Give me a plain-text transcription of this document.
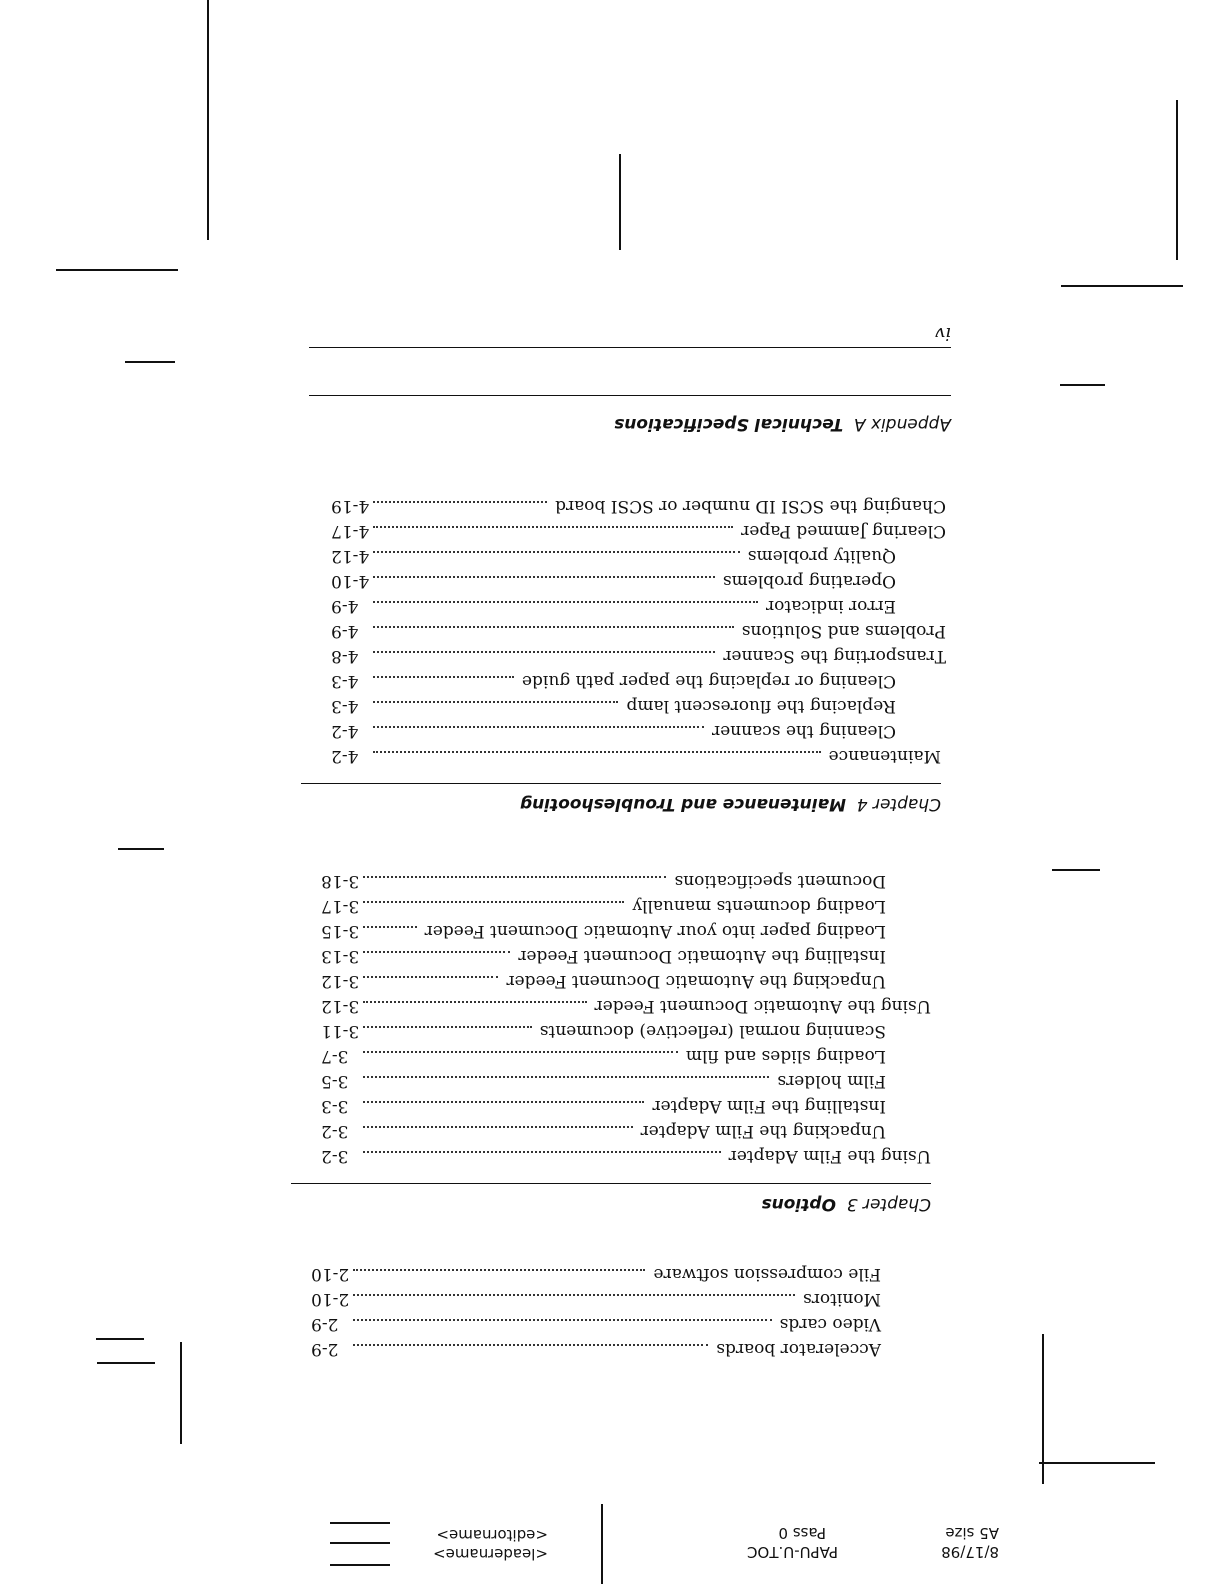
8/17/98
A5 size
PAPU-U.TOC
Pass 0
<leadername>
<editorname>
Accelerator boards
2-9
Video cards
2-9
Monitors
2-10
File compression software
2-10
Chapter 3  Options
Using the Film Adapter
3-2
Unpacking the Film Adapter
3-2
Installing the Film Adapter
3-3
Film holders
3-5
Loading slides and film
3-7
Scanning normal (reflective) documents
3-11
Using the Automatic Document Feeder
3-12
Unpacking the Automatic Document Feeder
3-12
Installing the Automatic Document Feeder
3-13
Loading paper into your Automatic Document Feeder
3-15
Loading documents manually
3-17
Document specifications
3-18
Chapter 4  Maintenance and Troubleshooting
Maintenance
4-2
Cleaning the scanner
4-2
Replacing the fluorescent lamp
4-3
Cleaning or replacing the paper path guide
4-3
Transporting the Scanner
4-8
Problems and Solutions
4-9
Error indicator
4-9
Operating problems
4-10
Quality problems
4-12
Clearing Jammed Paper
4-17
Changing the SCSI ID number or SCSI board
4-19
Appendix A  Technical Specifications
iv
